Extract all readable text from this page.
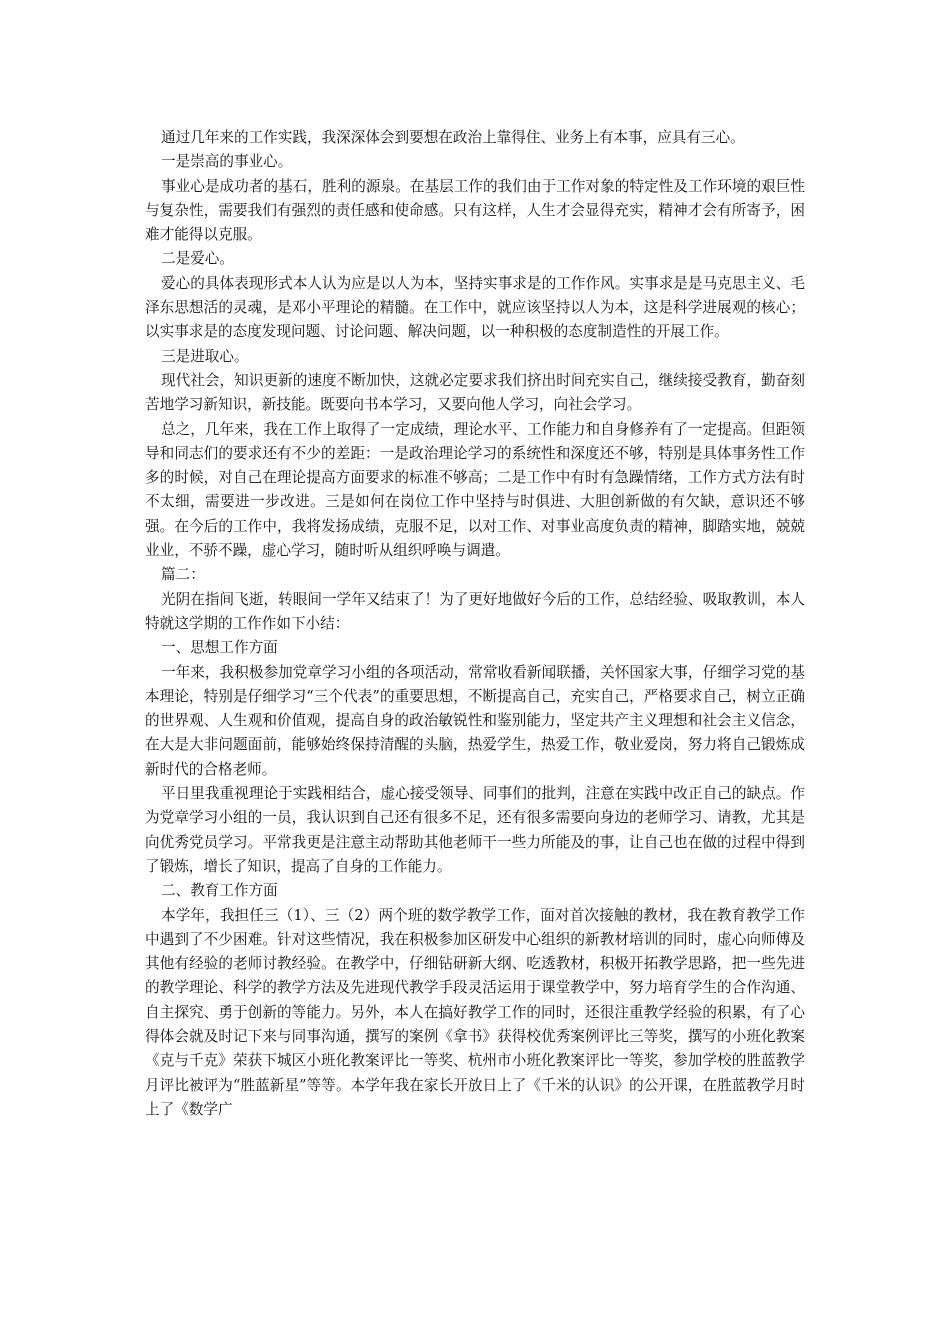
通过几年来的工作实践，我深深体会到要想在政治上靠得住、业务上有本事，应具有三心。

一是崇高的事业心。

事业心是成功者的基石，胜利的源泉。在基层工作的我们由于工作对象的特定性及工作环境的艰巨性与复杂性，需要我们有强烈的责任感和使命感。只有这样，人生才会显得充实，精神才会有所寄予，困难才能得以克服。

二是爱心。

爱心的具体表现形式本人认为应是以人为本，坚持实事求是的工作作风。实事求是是马克思主义、毛泽东思想活的灵魂，是邓小平理论的精髓。在工作中，就应该坚持以人为本，这是科学进展观的核心；以实事求是的态度发现问题、讨论问题、解决问题，以一种积极的态度制造性的开展工作。

三是进取心。

现代社会，知识更新的速度不断加快，这就必定要求我们挤出时间充实自己，继续接受教育，勤奋刻苦地学习新知识，新技能。既要向书本学习，又要向他人学习，向社会学习。

总之，几年来，我在工作上取得了一定成绩，理论水平、工作能力和自身修养有了一定提高。但距领导和同志们的要求还有不少的差距：一是政治理论学习的系统性和深度还不够，特别是具体事务性工作多的时候，对自己在理论提高方面要求的标准不够高；二是工作中有时有急躁情绪，工作方式方法有时不太细，需要进一步改进。三是如何在岗位工作中坚持与时俱进、大胆创新做的有欠缺，意识还不够强。在今后的工作中，我将发扬成绩，克服不足，以对工作、对事业高度负责的精神，脚踏实地，兢兢业业，不骄不躁，虚心学习，随时听从组织呼唤与调遣。

篇二：

光阴在指间飞逝，转眼间一学年又结束了！为了更好地做好今后的工作，总结经验、吸取教训，本人特就这学期的工作作如下小结：

一、思想工作方面

一年来，我积极参加党章学习小组的各项活动，常常收看新闻联播，关怀国家大事，仔细学习党的基本理论，特别是仔细学习“三个代表”的重要思想，不断提高自己，充实自己，严格要求自己，树立正确的世界观、人生观和价值观，提高自身的政治敏锐性和鉴别能力，坚定共产主义理想和社会主义信念，在大是大非问题面前，能够始终保持清醒的头脑，热爱学生，热爱工作，敬业爱岗，努力将自己锻炼成新时代的合格老师。

平日里我重视理论于实践相结合，虚心接受领导、同事们的批判，注意在实践中改正自己的缺点。作为党章学习小组的一员，我认识到自己还有很多不足，还有很多需要向身边的老师学习、请教，尤其是向优秀党员学习。平常我更是注意主动帮助其他老师干一些力所能及的事，让自己也在做的过程中得到了锻炼，增长了知识，提高了自身的工作能力。

二、教育工作方面

本学年，我担任三（1）、三（2）两个班的数学教学工作，面对首次接触的教材，我在教育教学工作中遇到了不少困难。针对这些情况，我在积极参加区研发中心组织的新教材培训的同时，虚心向师傅及其他有经验的老师讨教经验。在教学中，仔细钻研新大纲、吃透教材，积极开拓教学思路，把一些先进的教学理论、科学的教学方法及先进现代教学手段灵活运用于课堂教学中，努力培育学生的合作沟通、自主探究、勇于创新的等能力。另外，本人在搞好教学工作的同时，还很注重教学经验的积累，有了心得体会就及时记下来与同事沟通，撰写的案例《拿书》获得校优秀案例评比三等奖，撰写的小班化教案《克与千克》荣获下城区小班化教案评比一等奖、杭州市小班化教案评比一等奖，参加学校的胜蓝教学月评比被评为“胜蓝新星”等等。本学年我在家长开放日上了《千米的认识》的公开课，在胜蓝教学月时上了《数学广
